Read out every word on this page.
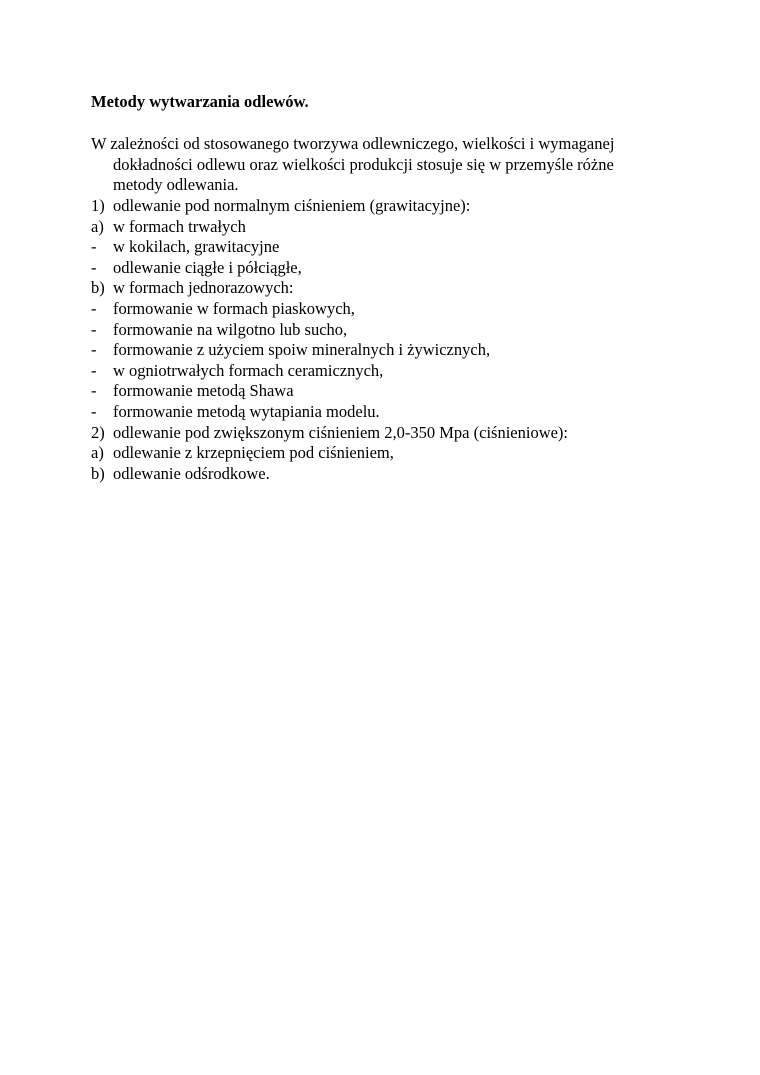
Metody wytwarzania odlewów.
W zależności od stosowanego tworzywa odlewniczego, wielkości i wymaganej
dokładności odlewu oraz wielkości produkcji stosuje się w przemyśle różne
metody odlewania.
1) odlewanie pod normalnym ciśnieniem (grawitacyjne):
a) w formach trwałych
-	w kokilach, grawitacyjne
-	odlewanie ciągłe i półciągłe,
b) w formach jednorazowych:
-	formowanie w formach piaskowych,
-	formowanie na wilgotno lub sucho,
-	formowanie z użyciem spoiw mineralnych i żywicznych,
-	w ogniotrwałych formach ceramicznych,
-	formowanie metodą Shawa
-	formowanie metodą wytapiania modelu.
2) odlewanie pod zwiększonym ciśnieniem 2,0-350 Mpa (ciśnieniowe):
a) odlewanie z krzepnięciem pod ciśnieniem,
b) odlewanie odśrodkowe.
